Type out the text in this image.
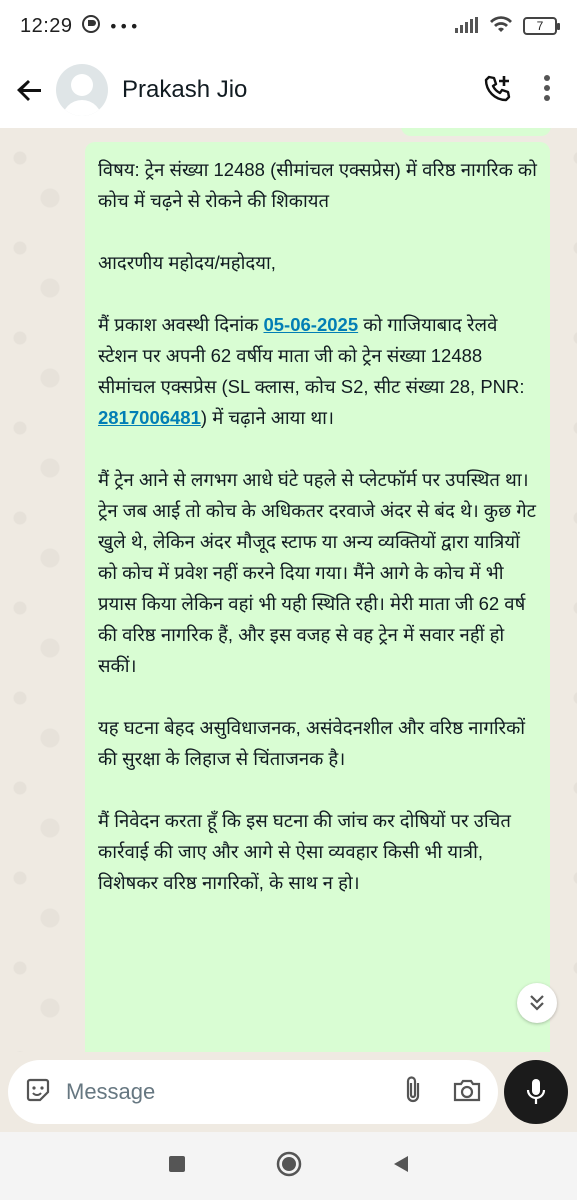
12:29 •••	7
Prakash Jio

विषय: ट्रेन संख्या 12488 (सीमांचल एक्सप्रेस) में वरिष्ठ नागरिक को कोच में चढ़ने से रोकने की शिकायत

आदरणीय महोदय/महोदया,

मैं प्रकाश अवस्थी दिनांक 05-06-2025 को गाजियाबाद रेलवे स्टेशन पर अपनी 62 वर्षीय माता जी को ट्रेन संख्या 12488 सीमांचल एक्सप्रेस (SL क्लास, कोच S2, सीट संख्या 28, PNR: 2817006481) में चढ़ाने आया था।

मैं ट्रेन आने से लगभग आधे घंटे पहले से प्लेटफॉर्म पर उपस्थित था। ट्रेन जब आई तो कोच के अधिकतर दरवाजे अंदर से बंद थे। कुछ गेट खुले थे, लेकिन अंदर मौजूद स्टाफ या अन्य व्यक्तियों द्वारा यात्रियों को कोच में प्रवेश नहीं करने दिया गया। मैंने आगे के कोच में भी प्रयास किया लेकिन वहां भी यही स्थिति रही। मेरी माता जी 62 वर्ष की वरिष्ठ नागरिक हैं, और इस वजह से वह ट्रेन में सवार नहीं हो सकीं।

यह घटना बेहद असुविधाजनक, असंवेदनशील और वरिष्ठ नागरिकों की सुरक्षा के लिहाज से चिंताजनक है।

मैं निवेदन करता हूँ कि इस घटना की जांच कर दोषियों पर उचित कार्रवाई की जाए और आगे से ऐसा व्यवहार किसी भी यात्री, विशेषकर वरिष्ठ नागरिकों, के साथ न हो।

Message
